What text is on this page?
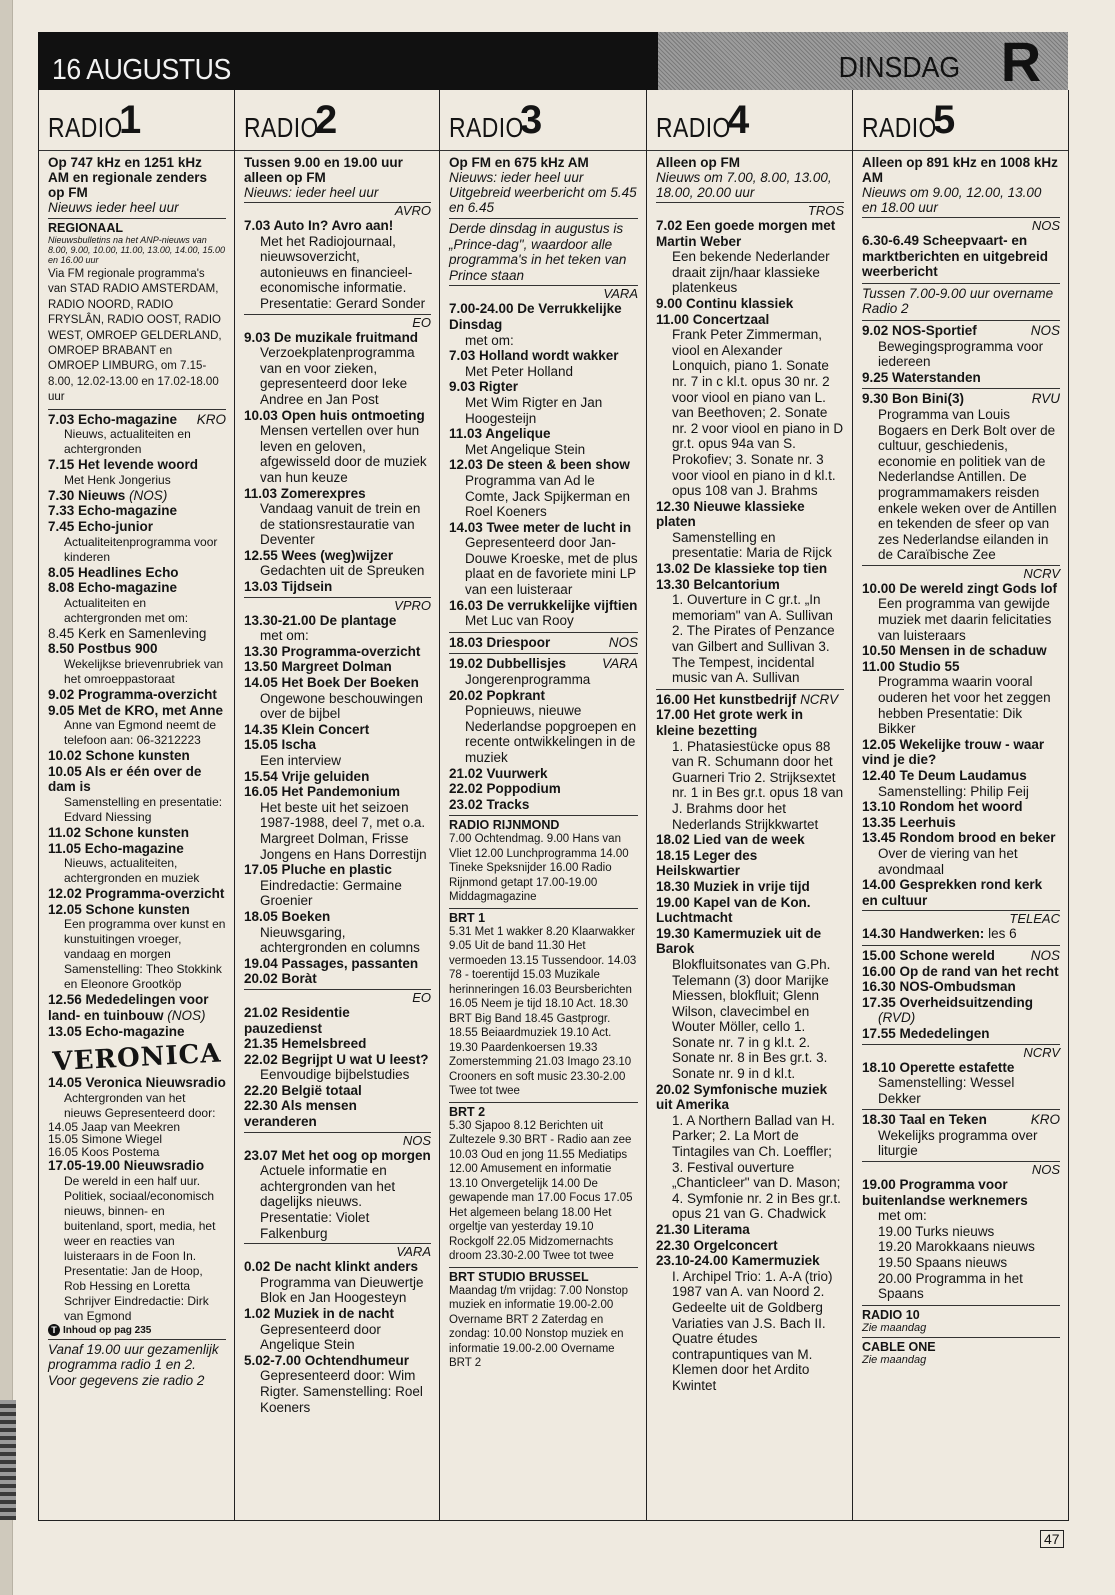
16 AUGUSTUS	DINSDAG R
RADIO
1
Op 747 kHz en 1251 kHz AM en regionale zenders op FM
Nieuws ieder heel uur
REGIONAAL
Nieuwsbulletins na het ANP-nieuws van 8.00, 9.00, 10.00, 11.00, 13.00, 14.00, 15.00 en 16.00 uur
Via FM regionale programma's van STAD RADIO AMSTERDAM, RADIO NOORD, RADIO FRYSLÂN, RADIO OOST, RADIO WEST, OMROEP GELDERLAND, OMROEP BRABANT en OMROEP LIMBURG, om 7.15-8.00, 12.02-13.00 en 17.02-18.00 uur
KRO
7.03 Echo-magazine
Nieuws, actualiteiten en achtergronden
7.15 Het levende woord
Met Henk Jongerius
7.30 Nieuws (NOS)
7.33 Echo-magazine
7.45 Echo-junior
Actualiteitenprogramma voor kinderen
8.05 Headlines Echo
8.08 Echo-magazine
Actualiteiten en achtergronden met om:
8.45 Kerk en Samenleving
8.50 Postbus 900
Wekelijkse brievenrubriek van het omroeppastoraat
9.02 Programma-overzicht
9.05 Met de KRO, met Anne
Anne van Egmond neemt de telefoon aan: 06-3212223
10.02 Schone kunsten
10.05 Als er één over de dam is
Samenstelling en presentatie: Edvard Niessing
11.02 Schone kunsten
11.05 Echo-magazine
Nieuws, actualiteiten, achtergronden en muziek
12.02 Programma-overzicht
12.05 Schone kunsten
Een programma over kunst en kunstuitingen vroeger, vandaag en morgen Samenstelling: Theo Stokkink en Eleonore Grootköp
12.56 Mededelingen voor land- en tuinbouw (NOS)
13.05 Echo-magazine
VERONICA
14.05 Veronica Nieuwsradio
Achtergronden van het nieuws Gepresenteerd door:
14.05 Jaap van Meekren
15.05 Simone Wiegel
16.05 Koos Postema
17.05-19.00 Nieuwsradio
De wereld in een half uur. Politiek, sociaal/economisch nieuws, binnen- en buitenland, sport, media, het weer en reacties van luisteraars in de Foon In. Presentatie: Jan de Hoop, Rob Hessing en Loretta Schrijver Eindredactie: Dirk van Egmond
T Inhoud op pag 235
Vanaf 19.00 uur gezamenlijk programma radio 1 en 2. Voor gegevens zie radio 2
RADIO
2
Tussen 9.00 en 19.00 uur alleen op FM
Nieuws: ieder heel uur
AVRO
7.03 Auto In? Avro aan!
Met het Radiojournaal, nieuwsoverzicht, autonieuws en financieel-economische informatie. Presentatie: Gerard Sonder
EO
9.03 De muzikale fruitmand
Verzoekplatenprogramma van en voor zieken, gepresenteerd door Ieke Andree en Jan Post
10.03 Open huis ontmoeting
Mensen vertellen over hun leven en geloven, afgewisseld door de muziek van hun keuze
11.03 Zomerexpres
Vandaag vanuit de trein en de stationsrestauratie van Deventer
12.55 Wees (weg)wijzer
Gedachten uit de Spreuken
13.03 Tijdsein
VPRO
13.30-21.00 De plantage
met om:
13.30 Programma-overzicht
13.50 Margreet Dolman
14.05 Het Boek Der Boeken
Ongewone beschouwingen over de bijbel
14.35 Klein Concert
15.05 Ischa
Een interview
15.54 Vrije geluiden
16.05 Het Pandemonium
Het beste uit het seizoen 1987-1988, deel 7, met o.a. Margreet Dolman, Frisse Jongens en Hans Dorrestijn
17.05 Pluche en plastic
Eindredactie: Germaine Groenier
18.05 Boeken
Nieuwsgaring, achtergronden en columns
19.04 Passages, passanten
20.02 Boràt
EO
21.02 Residentie pauzedienst
21.35 Hemelsbreed
22.02 Begrijpt U wat U leest?
Eenvoudige bijbelstudies
22.20 België totaal
22.30 Als mensen veranderen
NOS
23.07 Met het oog op morgen
Actuele informatie en achtergronden van het dagelijks nieuws. Presentatie: Violet Falkenburg
VARA
0.02 De nacht klinkt anders
Programma van Dieuwertje Blok en Jan Hoogesteyn
1.02 Muziek in de nacht
Gepresenteerd door Angelique Stein
5.02-7.00 Ochtendhumeur
Gepresenteerd door: Wim Rigter. Samenstelling: Roel Koeners
RADIO
3
Op FM en 675 kHz AM
Nieuws: ieder heel uur Uitgebreid weerbericht om 5.45 en 6.45
Derde dinsdag in augustus is „Prince-dag", waardoor alle programma's in het teken van Prince staan
VARA
7.00-24.00 De Verrukkelijke Dinsdag
met om:
7.03 Holland wordt wakker
Met Peter Holland
9.03 Rigter
Met Wim Rigter en Jan Hoogesteijn
11.03 Angelique
Met Angelique Stein
12.03 De steen & been show
Programma van Ad le Comte, Jack Spijkerman en Roel Koeners
14.03 Twee meter de lucht in
Gepresenteerd door Jan-Douwe Kroeske, met de plus plaat en de favoriete mini LP van een luisteraar
16.03 De verrukkelijke vijftien
Met Luc van Rooy
NOS
18.03 Driespoor
VARA
19.02 Dubbellisjes
Jongerenprogramma
20.02 Popkrant
Popnieuws, nieuwe Nederlandse popgroepen en recente ontwikkelingen in de muziek
21.02 Vuurwerk
22.02 Poppodium
23.02 Tracks
RADIO RIJNMOND
7.00 Ochtendmag. 9.00 Hans van Vliet 12.00 Lunchprogramma 14.00 Tineke Speksnijder 16.00 Radio Rijnmond getapt 17.00-19.00 Middagmagazine
BRT 1
5.31 Met 1 wakker 8.20 Klaarwakker 9.05 Uit de band 11.30 Het vermoeden 13.15 Tussendoor. 14.03 78 - toerentijd 15.03 Muzikale herinneringen 16.03 Beursberichten 16.05 Neem je tijd 18.10 Act. 18.30 BRT Big Band 18.45 Gastprogr. 18.55 Beiaardmuziek 19.10 Act. 19.30 Paardenkoersen 19.33 Zomerstemming 21.03 Imago 23.10 Crooners en soft music 23.30-2.00 Twee tot twee
BRT 2
5.30 Sjapoo 8.12 Berichten uit Zultezele 9.30 BRT - Radio aan zee 10.03 Oud en jong 11.55 Mediatips 12.00 Amusement en informatie 13.10 Onvergetelijk 14.00 De gewapende man 17.00 Focus 17.05 Het algemeen belang 18.00 Het orgeltje van yesterday 19.10 Rockgolf 22.05 Midzomernachts droom 23.30-2.00 Twee tot twee
BRT STUDIO BRUSSEL
Maandag t/m vrijdag: 7.00 Nonstop muziek en informatie 19.00-2.00 Overname BRT 2 Zaterdag en zondag: 10.00 Nonstop muziek en informatie 19.00-2.00 Overname BRT 2
RADIO
4
Alleen op FM
Nieuws om 7.00, 8.00, 13.00, 18.00, 20.00 uur
TROS
7.02 Een goede morgen met Martin Weber
Een bekende Nederlander draait zijn/haar klassieke platenkeus
9.00 Continu klassiek
11.00 Concertzaal
Frank Peter Zimmerman, viool en Alexander Lonquich, piano 1. Sonate nr. 7 in c kl.t. opus 30 nr. 2 voor viool en piano van L. van Beethoven; 2. Sonate nr. 2 voor viool en piano in D gr.t. opus 94a van S. Prokofiev; 3. Sonate nr. 3 voor viool en piano in d kl.t. opus 108 van J. Brahms
12.30 Nieuwe klassieke platen
Samenstelling en presentatie: Maria de Rijck
13.02 De klassieke top tien
13.30 Belcantorium
1. Ouverture in C gr.t. „In memoriam" van A. Sullivan 2. The Pirates of Penzance van Gilbert and Sullivan 3. The Tempest, incidental music van A. Sullivan
16.00 Het kunstbedrijf NCRV
17.00 Het grote werk in kleine bezetting
1. Phatasiestücke opus 88 van R. Schumann door het Guarneri Trio 2. Strijksextet nr. 1 in Bes gr.t. opus 18 van J. Brahms door het Nederlands Strijkkwartet
18.02 Lied van de week
18.15 Leger des Heilskwartier
18.30 Muziek in vrije tijd
19.00 Kapel van de Kon. Luchtmacht
19.30 Kamermuziek uit de Barok
Blokfluitsonates van G.Ph. Telemann (3) door Marijke Miessen, blokfluit; Glenn Wilson, clavecimbel en Wouter Möller, cello 1. Sonate nr. 7 in g kl.t. 2. Sonate nr. 8 in Bes gr.t. 3. Sonate nr. 9 in d kl.t.
20.02 Symfonische muziek uit Amerika
1. A Northern Ballad van H. Parker; 2. La Mort de Tintagiles van Ch. Loeffler; 3. Festival ouverture „Chanticleer" van D. Mason; 4. Symfonie nr. 2 in Bes gr.t. opus 21 van G. Chadwick
21.30 Literama
22.30 Orgelconcert
23.10-24.00 Kamermuziek
I. Archipel Trio: 1. A-A (trio) 1987 van A. van Noord 2. Gedeelte uit de Goldberg Variaties van J.S. Bach II. Quatre études contrapuntiques van M. Klemen door het Ardito Kwintet
RADIO
5
Alleen op 891 kHz en 1008 kHz AM
Nieuws om 9.00, 12.00, 13.00 en 18.00 uur
NOS
6.30-6.49 Scheepvaart- en marktberichten en uitgebreid weerbericht
Tussen 7.00-9.00 uur overname Radio 2
NOS
9.02 NOS-Sportief
Bewegingsprogramma voor iedereen
9.25 Waterstanden
RVU
9.30 Bon Bini(3)
Programma van Louis Bogaers en Derk Bolt over de cultuur, geschiedenis, economie en politiek van de Nederlandse Antillen. De programmamakers reisden enkele weken over de Antillen en tekenden de sfeer op van zes Nederlandse eilanden in de Caraïbische Zee
NCRV
10.00 De wereld zingt Gods lof
Een programma van gewijde muziek met daarin felicitaties van luisteraars
10.50 Mensen in de schaduw
11.00 Studio 55
Programma waarin vooral ouderen het voor het zeggen hebben Presentatie: Dik Bikker
12.05 Wekelijke trouw - waar vind je die?
12.40 Te Deum Laudamus
Samenstelling: Philip Feij
13.10 Rondom het woord
13.35 Leerhuis
13.45 Rondom brood en beker
Over de viering van het avondmaal
14.00 Gesprekken rond kerk en cultuur
TELEAC
14.30 Handwerken: les 6
NOS
15.00 Schone wereld
16.00 Op de rand van het recht
16.30 NOS-Ombudsman
17.35 Overheidsuitzending
(RVD)
17.55 Mededelingen
NCRV
18.10 Operette estafette
Samenstelling: Wessel Dekker
KRO
18.30 Taal en Teken
Wekelijks programma over liturgie
NOS
19.00 Programma voor buitenlandse werknemers
met om:
19.00 Turks nieuws
19.20 Marokkaans nieuws
19.50 Spaans nieuws
20.00 Programma in het Spaans
RADIO 10
Zie maandag
CABLE ONE
Zie maandag
47
